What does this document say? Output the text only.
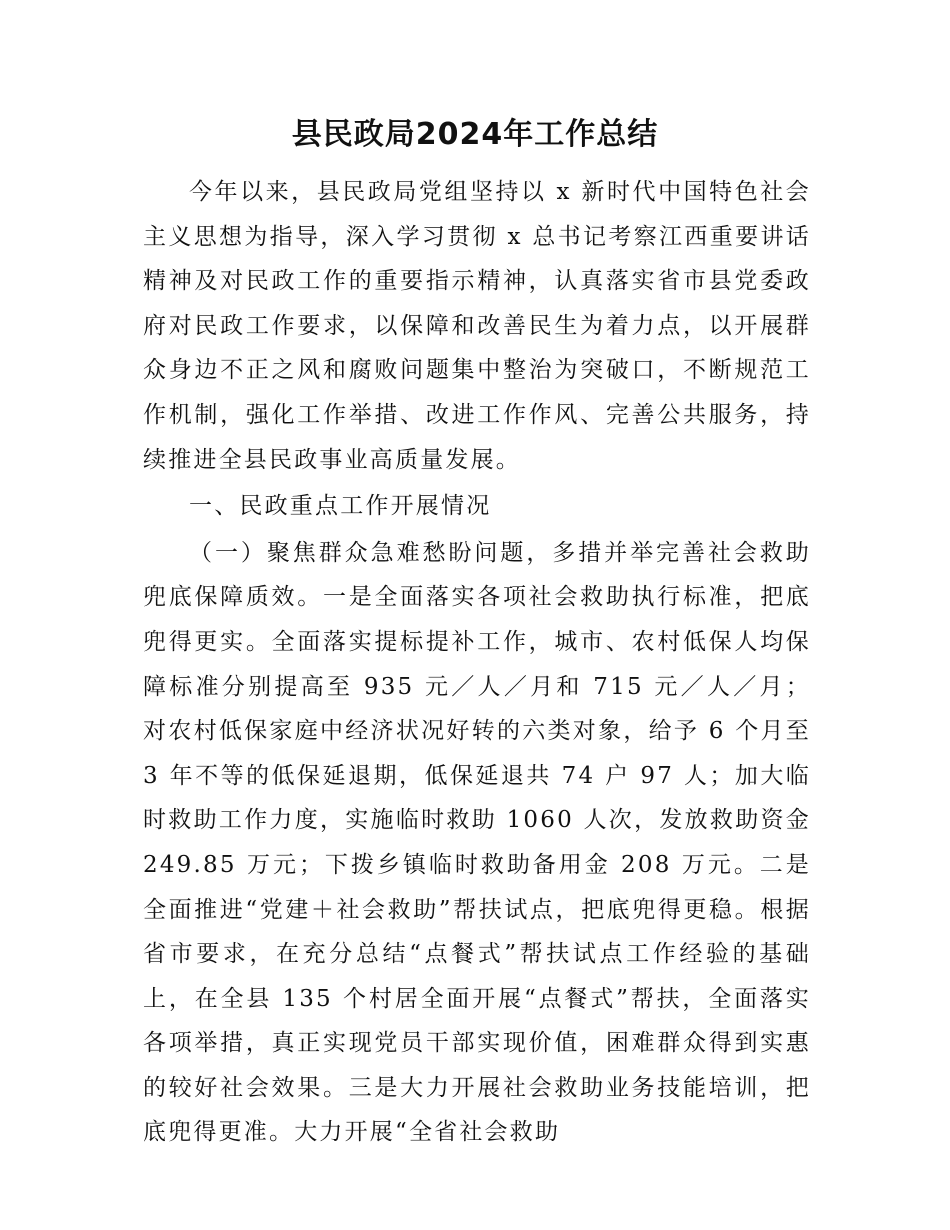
县民政局2024年工作总结

今年以来，县民政局党组坚持以 x 新时代中国特色社会主义思想为指导，深入学习贯彻 x 总书记考察江西重要讲话精神及对民政工作的重要指示精神，认真落实省市县党委政府对民政工作要求，以保障和改善民生为着力点，以开展群众身边不正之风和腐败问题集中整治为突破口，不断规范工作机制，强化工作举措、改进工作作风、完善公共服务，持续推进全县民政事业高质量发展。

一、民政重点工作开展情况

（一）聚焦群众急难愁盼问题，多措并举完善社会救助兜底保障质效。一是全面落实各项社会救助执行标准，把底兜得更实。全面落实提标提补工作，城市、农村低保人均保障标准分别提高至 935 元／人／月和 715 元／人／月；对农村低保家庭中经济状况好转的六类对象，给予 6 个月至 3 年不等的低保延退期，低保延退共 74 户 97 人；加大临时救助工作力度，实施临时救助 1060 人次，发放救助资金 249.85 万元；下拨乡镇临时救助备用金 208 万元。二是全面推进“党建＋社会救助”帮扶试点，把底兜得更稳。根据省市要求，在充分总结“点餐式”帮扶试点工作经验的基础上，在全县 135 个村居全面开展“点餐式”帮扶，全面落实各项举措，真正实现党员干部实现价值，困难群众得到实惠的较好社会效果。三是大力开展社会救助业务技能培训，把底兜得更准。大力开展“全省社会救助
